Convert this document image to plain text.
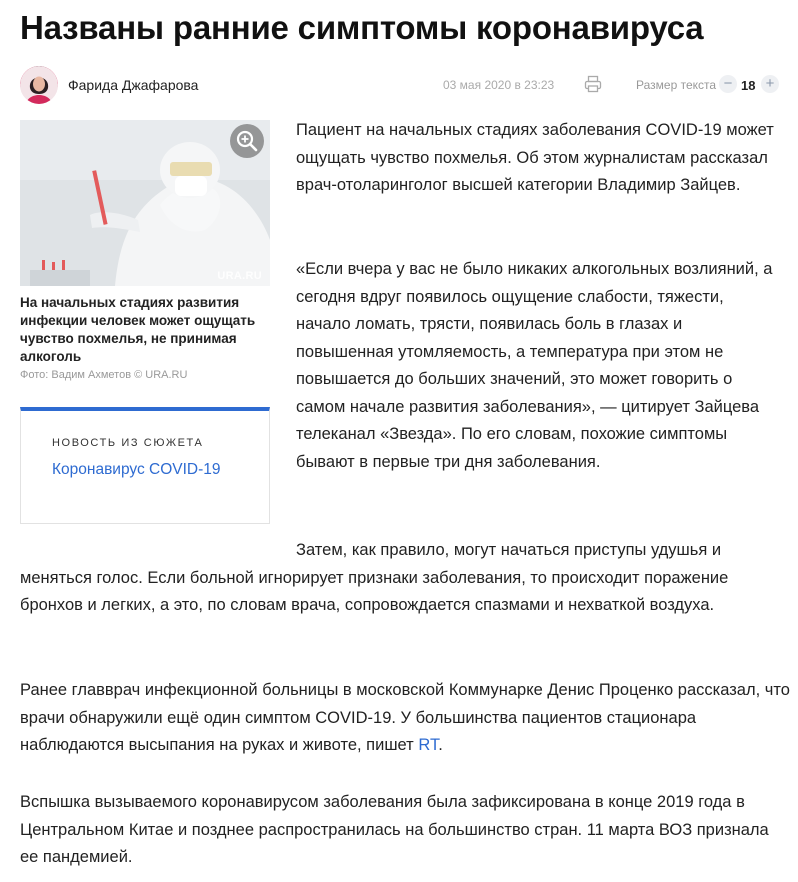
Названы ранние симптомы коронавируса
Фарида Джафарова	03 мая 2020 в 23:23	Размер текста − 18 +
URA.RU

На начальных стадиях развития инфекции человек может ощущать чувство похмелья, не принимая алкоголь

Фото: Вадим Ахметов © URA.RU
НОВОСТЬ ИЗ СЮЖЕТА
Коронавирус COVID-19

Пациент на начальных стадиях заболевания COVID-19 может ощущать чувство похмелья. Об этом журналистам рассказал врач-отоларинголог высшей категории Владимир Зайцев.

«Если вчера у вас не было никаких алкогольных возлияний, а сегодня вдруг появилось ощущение слабости, тяжести, начало ломать, трясти, появилась боль в глазах и повышенная утомляемость, а температура при этом не повышается до больших значений, это может говорить о самом начале развития заболевания», — цитирует Зайцева телеканал «Звезда». По его словам, похожие симптомы бывают в первые три дня заболевания.

Затем, как правило, могут начаться приступы удушья и меняться голос. Если больной игнорирует признаки заболевания, то происходит поражение бронхов и легких, а это, по словам врача, сопровождается спазмами и нехваткой воздуха.

Ранее главврач инфекционной больницы в московской Коммунарке Денис Проценко рассказал, что врачи обнаружили ещё один симптом COVID-19. У большинства пациентов стационара наблюдаются высыпания на руках и животе, пишет RT.

Вспышка вызываемого коронавирусом заболевания была зафиксирована в конце 2019 года в Центральном Китае и позднее распространилась на большинство стран. 11 марта ВОЗ признала ее пандемией.
